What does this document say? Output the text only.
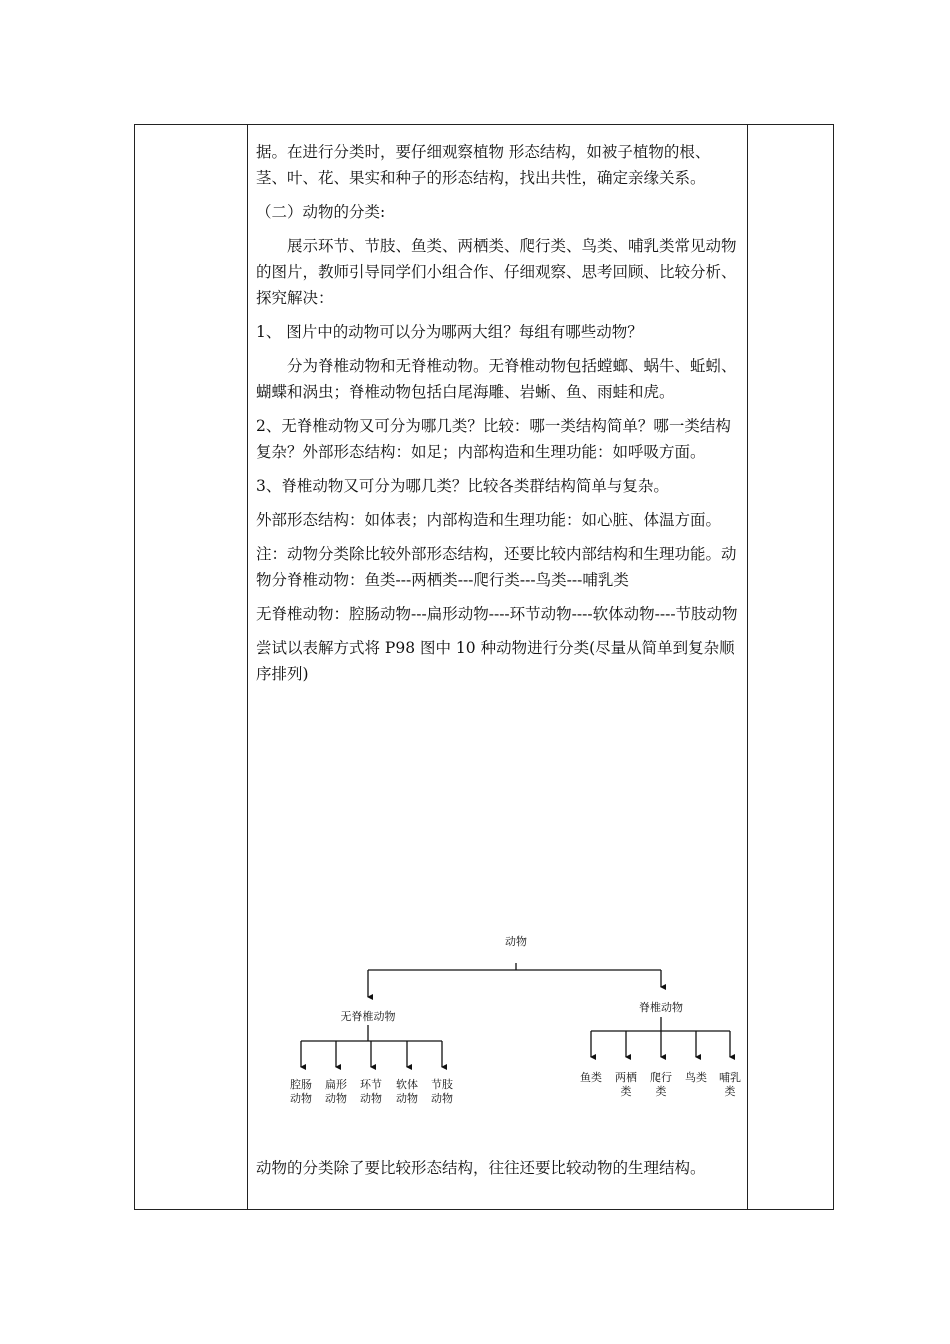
据。在进行分类时，要仔细观察植物 形态结构，如被子植物的根、茎、叶、花、果实和种子的形态结构，找出共性，确定亲缘关系。

（二）动物的分类:

展示环节、节肢、鱼类、两栖类、爬行类、鸟类、哺乳类常见动物的图片，教师引导同学们小组合作、仔细观察、思考回顾、比较分析、探究解决：

1、 图片中的动物可以分为哪两大组？每组有哪些动物？

分为脊椎动物和无脊椎动物。无脊椎动物包括螳螂、蜗牛、蚯蚓、蝴蝶和涡虫；脊椎动物包括白尾海雕、岩蜥、鱼、雨蛙和虎。

2、无脊椎动物又可分为哪几类？比较：哪一类结构简单？哪一类结构复杂？外部形态结构：如足；内部构造和生理功能：如呼吸方面。

3、脊椎动物又可分为哪几类？比较各类群结构简单与复杂。

外部形态结构：如体表；内部构造和生理功能：如心脏、体温方面。

注：动物分类除比较外部形态结构，还要比较内部结构和生理功能。动物分脊椎动物：鱼类---两栖类---爬行类---鸟类---哺乳类

无脊椎动物：腔肠动物---扁形动物----环节动物----软体动物----节肢动物

尝试以表解方式将 P98 图中 10 种动物进行分类(尽量从简单到复杂顺序排列)

动物
无脊椎动物
腔肠
动物
扁形
动物
环节
动物
软体
动物
节肢
动物
脊椎动物
鱼类 两栖
类
爬行
类
鸟类 哺乳
类
动物的分类除了要比较形态结构，往往还要比较动物的生理结构。
